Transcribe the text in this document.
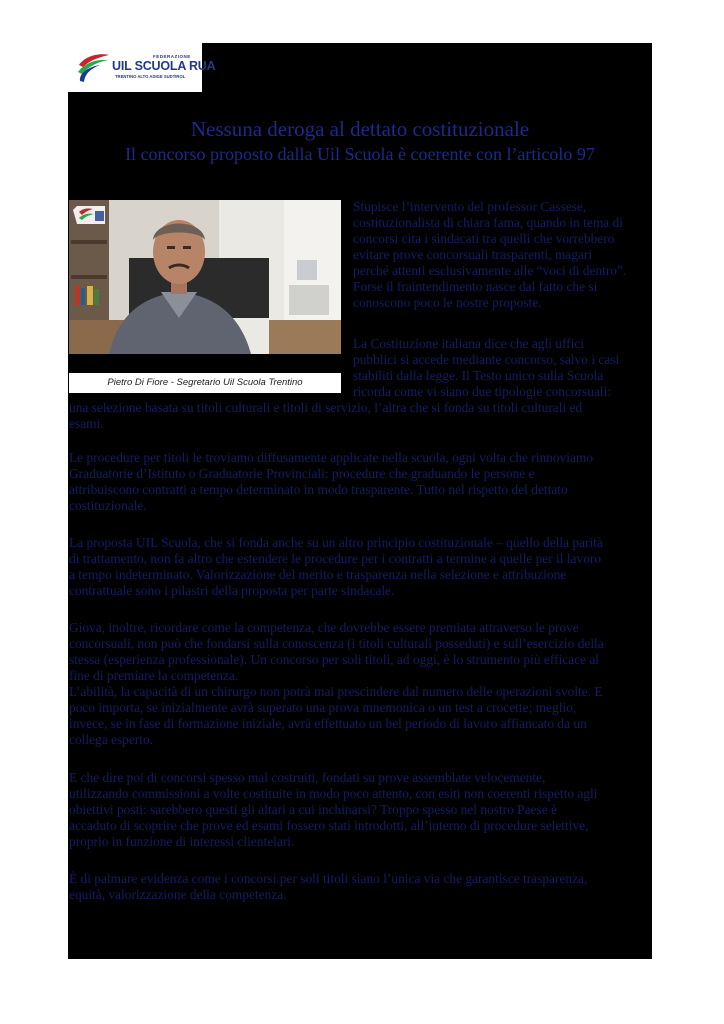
FEDERAZIONE
UIL SCUOLA RUA
TRENTINO ALTO ADIGE SUDTIROL
Nessuna deroga al dettato costituzionale
Il concorso proposto dalla Uil Scuola è coerente con l’articolo 97
Pietro Di Fiore - Segretario Uil Scuola Trentino
Stupisce l’intervento del professor Cassese,
costituzionalista di chiara fama, quando in tema di
concorsi cita i sindacati tra quelli che vorrebbero
evitare prove concorsuali trasparenti, magari
perché attenti esclusivamente alle “voci di dentro”.
Forse il fraintendimento nasce dal fatto che si
conoscono poco le nostre proposte.
La Costituzione italiana dice che agli uffici
pubblici si accede mediante concorso, salvo i casi
stabiliti dalla legge. Il Testo unico sulla Scuola
ricorda come vi siano due tipologie concorsuali:
una selezione basata su titoli culturali e titoli di servizio, l’altra che si fonda su titoli culturali ed
esami.
Le procedure per titoli le troviamo diffusamente applicate nella scuola, ogni volta che rinnoviamo
Graduatorie d’Istituto o Graduatorie Provinciali: procedure che graduando le persone e
attribuiscono contratti a tempo determinato in modo trasparente. Tutto nel rispetto del dettato
costituzionale.
La proposta UIL Scuola, che si fonda anche su un altro principio costituzionale – quello della parità
di trattamento, non fa altro che estendere le procedure per i contratti a termine a quelle per il lavoro
a tempo indeterminato. Valorizzazione del merito e trasparenza nella selezione e attribuzione
contrattuale sono i pilastri della proposta per parte sindacale.
Giova, inoltre, ricordare come la competenza, che dovrebbe essere premiata attraverso le prove
concorsuali, non può che fondarsi sulla conoscenza (i titoli culturali posseduti) e sull’esercizio della
stessa (esperienza professionale). Un concorso per soli titoli, ad oggi, è lo strumento più efficace al
fine di premiare la competenza.
L’abilità, la capacità di un chirurgo non potrà mai prescindere dal numero delle operazioni svolte. E
poco importa, se inizialmente avrà superato una prova mnemonica o un test a crocette; meglio,
invece, se in fase di formazione iniziale, avrà effettuato un bel periodo di lavoro affiancato da un
collega esperto.
E che dire poi di concorsi spesso mal costruiti, fondati su prove assemblate velocemente,
utilizzando commissioni a volte costituite in modo poco attento, con esiti non coerenti rispetto agli
obiettivi posti: sarebbero questi gli altari a cui inchinarsi? Troppo spesso nel nostro Paese è
accaduto di scoprire che prove ed esami fossero stati introdotti, all’interno di procedure selettive,
proprio in funzione di interessi clientelari.
È di palmare evidenza come i concorsi per soli titoli siano l’unica via che garantisce trasparenza,
equità, valorizzazione della competenza.
